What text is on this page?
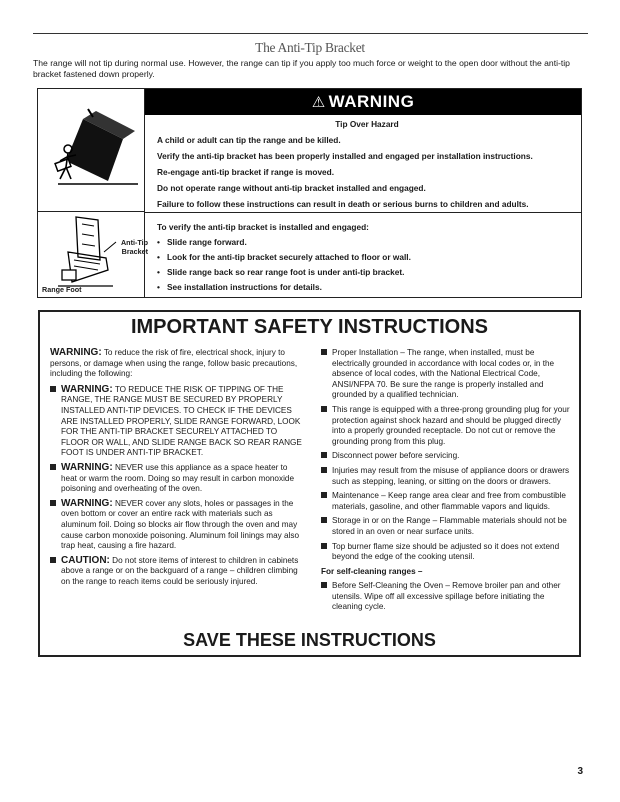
The Anti-Tip Bracket
The range will not tip during normal use. However, the range can tip if you apply too much force or weight to the open door without the anti-tip bracket fastened down properly.
⚠ WARNING
Tip Over Hazard
A child or adult can tip the range and be killed.
Verify the anti-tip bracket has been properly installed and engaged per installation instructions.
Re-engage anti-tip bracket if range is moved.
Do not operate range without anti-tip bracket installed and engaged.
Failure to follow these instructions can result in death or serious burns to children and adults.
Anti-Tip
Bracket
Range Foot
To verify the anti-tip bracket is installed and engaged:
• Slide range forward.
• Look for the anti-tip bracket securely attached to floor or wall.
• Slide range back so rear range foot is under anti-tip bracket.
• See installation instructions for details.
IMPORTANT SAFETY INSTRUCTIONS
WARNING: To reduce the risk of fire, electrical shock, injury to persons, or damage when using the range, follow basic precautions, including the following:
WARNING: TO REDUCE THE RISK OF TIPPING OF THE RANGE, THE RANGE MUST BE SECURED BY PROPERLY INSTALLED ANTI-TIP DEVICES. TO CHECK IF THE DEVICES ARE INSTALLED PROPERLY, SLIDE RANGE FORWARD, LOOK FOR THE ANTI-TIP BRACKET SECURELY ATTACHED TO FLOOR OR WALL, AND SLIDE RANGE BACK SO REAR RANGE FOOT IS UNDER ANTI-TIP BRACKET.
WARNING: NEVER use this appliance as a space heater to heat or warm the room. Doing so may result in carbon monoxide poisoning and overheating of the oven.
WARNING: NEVER cover any slots, holes or passages in the oven bottom or cover an entire rack with materials such as aluminum foil. Doing so blocks air flow through the oven and may cause carbon monoxide poisoning. Aluminum foil linings may also trap heat, causing a fire hazard.
CAUTION: Do not store items of interest to children in cabinets above a range or on the backguard of a range – children climbing on the range to reach items could be seriously injured.
Proper Installation – The range, when installed, must be electrically grounded in accordance with local codes or, in the absence of local codes, with the National Electrical Code, ANSI/NFPA 70. Be sure the range is properly installed and grounded by a qualified technician.
This range is equipped with a three-prong grounding plug for your protection against shock hazard and should be plugged directly into a properly grounded receptacle. Do not cut or remove the grounding prong from this plug.
Disconnect power before servicing.
Injuries may result from the misuse of appliance doors or drawers such as stepping, leaning, or sitting on the doors or drawers.
Maintenance – Keep range area clear and free from combustible materials, gasoline, and other flammable vapors and liquids.
Storage in or on the Range – Flammable materials should not be stored in an oven or near surface units.
Top burner flame size should be adjusted so it does not extend beyond the edge of the cooking utensil.
For self-cleaning ranges –
Before Self-Cleaning the Oven – Remove broiler pan and other utensils. Wipe off all excessive spillage before initiating the cleaning cycle.
SAVE THESE INSTRUCTIONS
3
